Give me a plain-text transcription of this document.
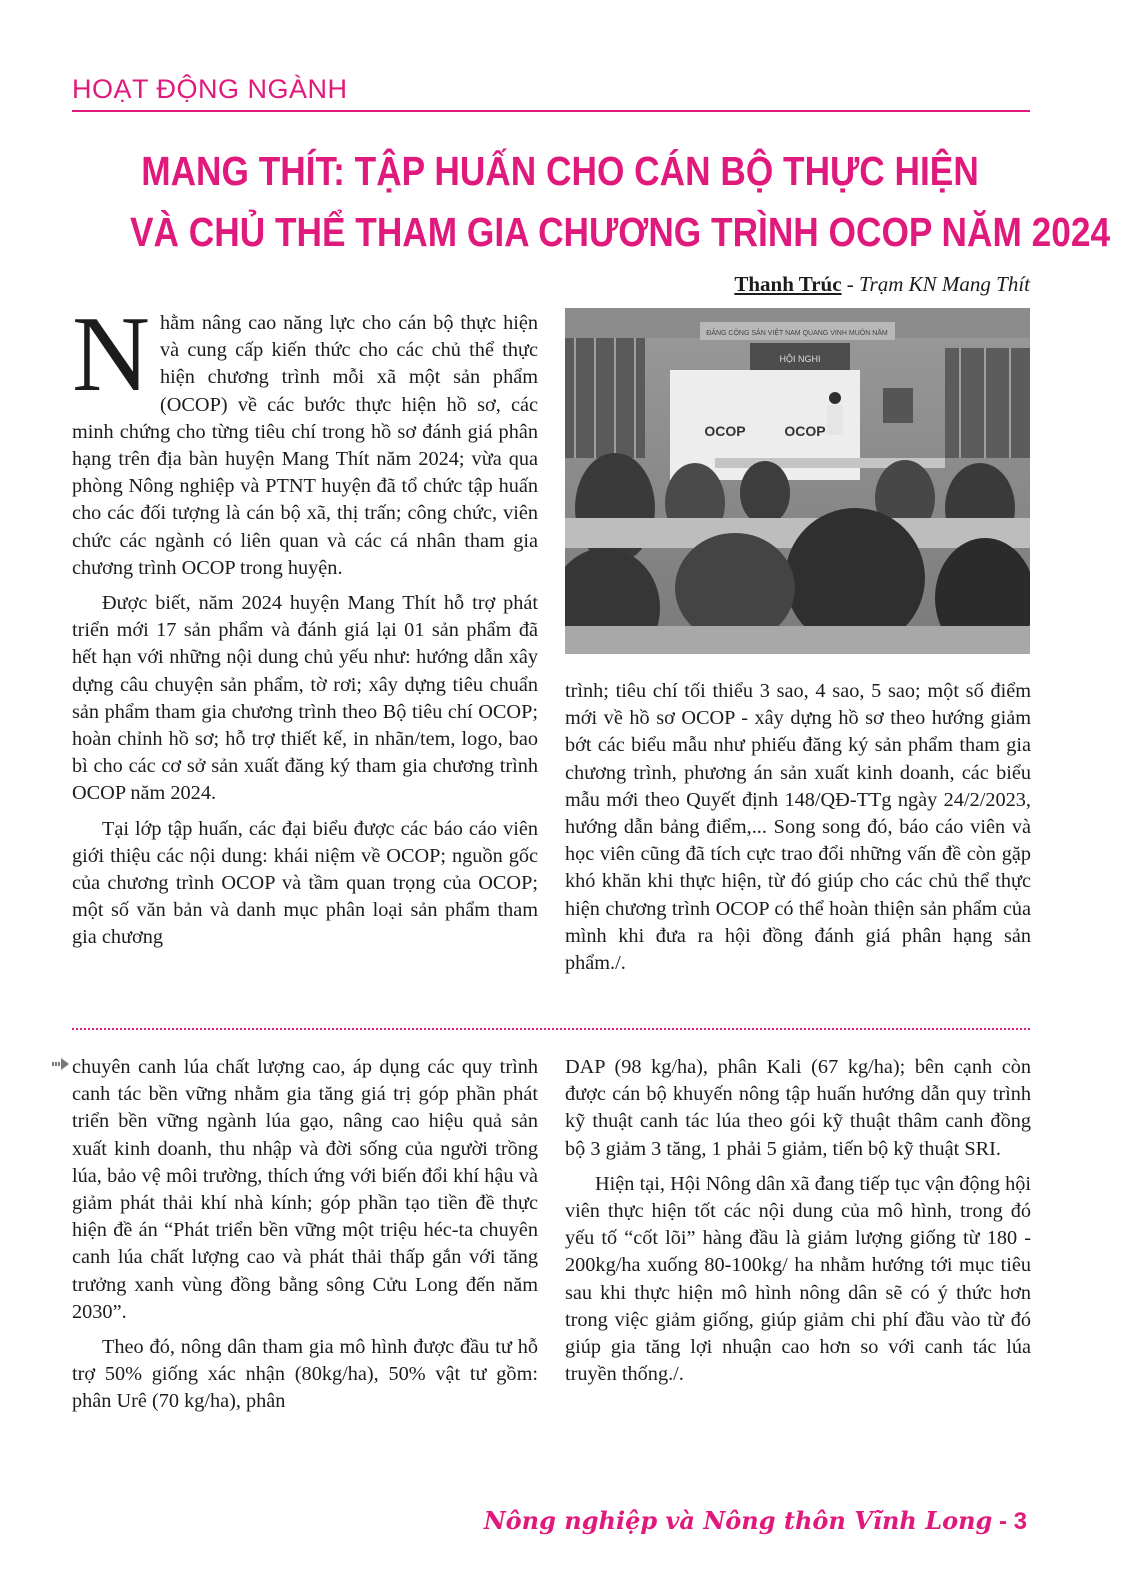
HOẠT ĐỘNG NGÀNH
MANG THÍT: TẬP HUẤN CHO CÁN BỘ THỰC HIỆN
VÀ CHỦ THỂ THAM GIA CHƯƠNG TRÌNH OCOP NĂM 2024
Thanh Trúc - Trạm KN Mang Thít

Nhằm nâng cao năng lực cho cán bộ thực hiện và cung cấp kiến thức cho các chủ thể thực hiện chương trình mỗi xã một sản phẩm (OCOP) về các bước thực hiện hồ sơ, các minh chứng cho từng tiêu chí trong hồ sơ đánh giá phân hạng trên địa bàn huyện Mang Thít năm 2024; vừa qua phòng Nông nghiệp và PTNT huyện đã tổ chức tập huấn cho các đối tượng là cán bộ xã, thị trấn; công chức, viên chức các ngành có liên quan và các cá nhân tham gia chương trình OCOP trong huyện.

Được biết, năm 2024 huyện Mang Thít hỗ trợ phát triển mới 17 sản phẩm và đánh giá lại 01 sản phẩm đã hết hạn với những nội dung chủ yếu như: hướng dẫn xây dựng câu chuyện sản phẩm, tờ rơi; xây dựng tiêu chuẩn sản phẩm tham gia chương trình theo Bộ tiêu chí OCOP; hoàn chỉnh hồ sơ; hỗ trợ thiết kế, in nhãn/tem, logo, bao bì cho các cơ sở sản xuất đăng ký tham gia chương trình OCOP năm 2024.

Tại lớp tập huấn, các đại biểu được các báo cáo viên giới thiệu các nội dung: khái niệm về OCOP; nguồn gốc của chương trình OCOP và tầm quan trọng của OCOP; một số văn bản và danh mục phân loại sản phẩm tham gia chương

ĐẢNG CỘNG SẢN VIỆT NAM QUANG VINH MUÔN NĂM
HỘI NGHI
OCOP	OCOP

trình; tiêu chí tối thiểu 3 sao, 4 sao, 5 sao; một số điểm mới về hồ sơ OCOP - xây dựng hồ sơ theo hướng giảm bớt các biểu mẫu như phiếu đăng ký sản phẩm tham gia chương trình, phương án sản xuất kinh doanh, các biểu mẫu mới theo Quyết định 148/QĐ-TTg ngày 24/2/2023, hướng dẫn bảng điểm,... Song song đó, báo cáo viên và học viên cũng đã tích cực trao đổi những vấn đề còn gặp khó khăn khi thực hiện, từ đó giúp cho các chủ thể thực hiện chương trình OCOP có thể hoàn thiện sản phẩm của mình khi đưa ra hội đồng đánh giá phân hạng sản phẩm./.

chuyên canh lúa chất lượng cao, áp dụng các quy trình canh tác bền vững nhằm gia tăng giá trị góp phần phát triển bền vững ngành lúa gạo, nâng cao hiệu quả sản xuất kinh doanh, thu nhập và đời sống của người trồng lúa, bảo vệ môi trường, thích ứng với biến đổi khí hậu và giảm phát thải khí nhà kính; góp phần tạo tiền đề thực hiện đề án “Phát triển bền vững một triệu héc-ta chuyên canh lúa chất lượng cao và phát thải thấp gắn với tăng trưởng xanh vùng đồng bằng sông Cửu Long đến năm 2030”.

Theo đó, nông dân tham gia mô hình được đầu tư hỗ trợ 50% giống xác nhận (80kg/ha), 50% vật tư gồm: phân Urê (70 kg/ha), phân

DAP (98 kg/ha), phân Kali (67 kg/ha); bên cạnh còn được cán bộ khuyến nông tập huấn hướng dẫn quy trình kỹ thuật canh tác lúa theo gói kỹ thuật thâm canh đồng bộ 3 giảm 3 tăng, 1 phải 5 giảm, tiến bộ kỹ thuật SRI.

Hiện tại, Hội Nông dân xã đang tiếp tục vận động hội viên thực hiện tốt các nội dung của mô hình, trong đó yếu tố “cốt lõi” hàng đầu là giảm lượng giống từ 180 - 200kg/ha xuống 80-100kg/ ha nhằm hướng tới mục tiêu sau khi thực hiện mô hình nông dân sẽ có ý thức hơn trong việc giảm giống, giúp giảm chi phí đầu vào từ đó giúp gia tăng lợi nhuận cao hơn so với canh tác lúa truyền thống./.

Nông nghiệp và Nông thôn Vĩnh Long - 3
